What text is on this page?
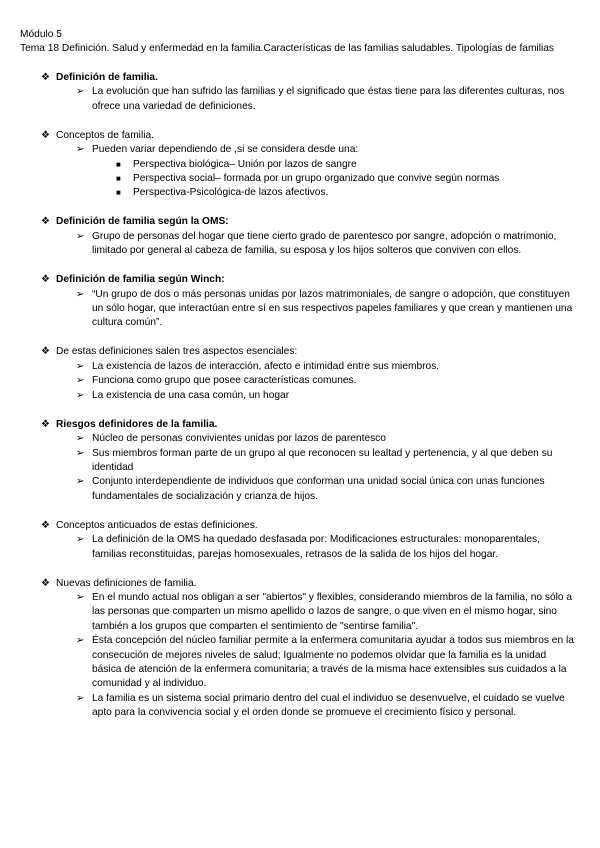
Módulo 5
Tema 18 Definición. Salud y enfermedad en la familia.Características de las familias saludables. Tipologías de familias
❖ Definición de familia.
➢ La evolución que han sufrido las familias y el significado que éstas tiene para las diferentes culturas, nos ofrece una variedad de definiciones.
❖ Conceptos de familia.
➢ Pueden variar dependiendo de ,si se considera desde una:
■ Perspectiva biológica– Unión por lazos de sangre
■ Perspectiva social– formada por un grupo organizado que convive según normas
■ Perspectiva-Psicológica-de lazos afectivos.
❖ Definición de familia según la OMS:
➢ Grupo de personas del hogar que tiene cierto grado de parentesco por sangre, adopción o matrimonio, limitado por general al cabeza de familia, su esposa y los hijos solteros que conviven con ellos.
❖ Definición de familia según Winch:
➢ “Un grupo de dos o más personas unidas por lazos matrimoniales, de sangre o adopción, que constituyen un sólo hogar, que interactúan entre sí en sus respectivos papeles familiares y que crean y mantienen una cultura común”.
❖ De estas definiciones salen tres aspectos esenciales:
➢ La existencia de lazos de interacción, afecto e intimidad entre sus miembros.
➢ Funciona como grupo que posee características comunes.
➢ La existencia de una casa común, un hogar
❖ Riesgos definidores de la familia.
➢ Núcleo de personas convivientes unidas por lazos de parentesco
➢ Sus miembros forman parte de un grupo al que reconocen su lealtad y pertenencia, y al que deben su identidad
➢ Conjunto interdependiente de individuos que conforman una unidad social única con unas funciones fundamentales de socialización y crianza de hijos.
❖ Conceptos anticuados de estas definiciones.
➢ La definición de la OMS ha quedado desfasada por: Modificaciones estructurales: monoparentales, familias reconstituidas, parejas homosexuales, retrasos de la salida de los hijos del hogar.
❖ Nuevas definiciones de familia.
➢ En el mundo actual nos obligan a ser "abiertos" y flexibles, considerando miembros de la familia, no sólo a las personas que comparten un mismo apellido o lazos de sangre, o que viven en el mismo hogar, sino también a los grupos que comparten el sentimiento de "sentirse familia".
➢ Ésta concepción del núcleo familiar permite a la enfermera comunitaria ayudar a todos sus miembros en la consecución de mejores niveles de salud; Igualmente no podemos olvidar que la familia es la unidad básica de atención de la enfermera comunitaria; a través de la misma hace extensibles sus cuidados a la comunidad y al individuo.
➢ La familia es un sistema social primario dentro del cual el individuo se desenvuelve, el cuidado se vuelve apto para la convivencia social y el orden donde se promueve el crecimiento físico y personal.
